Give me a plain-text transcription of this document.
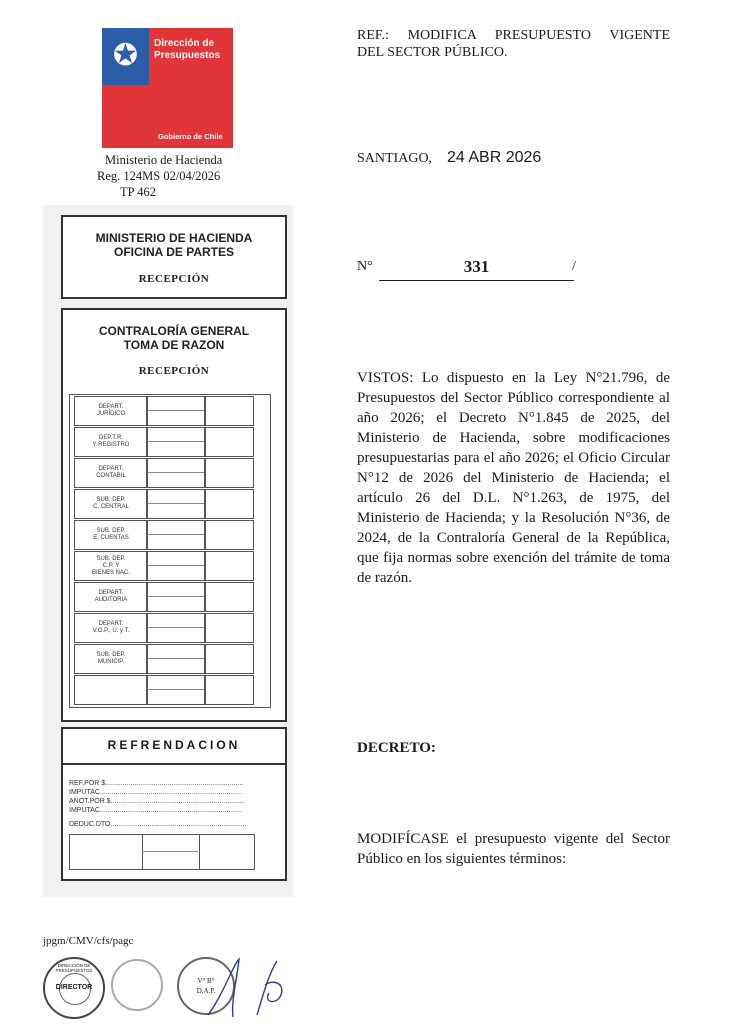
✪	Dirección de
Presupuestos
Gobierno de Chile
Ministerio de Hacienda
Reg. 124MS 02/04/2026
TP 462
REF.: MODIFICA PRESUPUESTO VIGENTE
DEL SECTOR PÚBLICO.
SANTIAGO, 24 ABR 2026
N°	331	/
VISTOS: Lo dispuesto en la Ley N°21.796, de Presupuestos del Sector Público correspondiente al año 2026; el Decreto N°1.845 de 2025, del Ministerio de Hacienda, sobre modificaciones presupuestarias para el año 2026; el Oficio Circular N°12 de 2026 del Ministerio de Hacienda; el artículo 26 del D.L. N°1.263, de 1975, del Ministerio de Hacienda; y la Resolución N°36, de 2024, de la Contraloría General de la República, que fija normas sobre exención del trámite de toma de razón.
DECRETO:
MODIFÍCASE el presupuesto vigente del Sector Público en los siguientes términos:
MINISTERIO DE HACIENDA
OFICINA DE PARTES
RECEPCIÓN
CONTRALORÍA GENERAL
TOMA DE RAZON
RECEPCIÓN
DEPART.
JURÍDICO
DEP.T.R.
Y REGISTRO
DEPART.
CONTABIL
SUB. DEP.
C. CENTRAL
SUB. DEP.
E. CUENTAS
SUB. DEP.
C.P. Y
BIENES NAC.
DEPART.
AUDITORIA
DEPART.
V.O.P., U. y T.
SUB. DEP.
MUNICIP.
REFRENDACION
REF.POR $.......................................................................
IMPUTAC.........................................................................
ANOT.POR $.....................................................................
IMPUTAC.........................................................................
DEDUC.DTO......................................................................
jpgm/CMV/cfs/pagc
DIRECCIÓN DE PRESUPUESTOS
DIRECTOR
V° B°
D.A.P.
